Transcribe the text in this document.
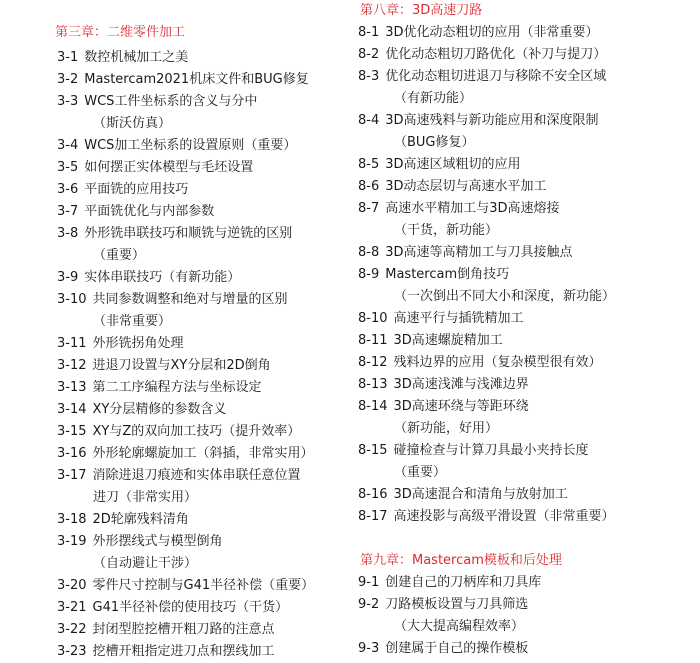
第三章：二维零件加工
3-1 数控机械加工之美
3-2 Mastercam2021机床文件和BUG修复
3-3 WCS工件坐标系的含义与分中
（斯沃仿真）
3-4 WCS加工坐标系的设置原则（重要）
3-5 如何摆正实体模型与毛坯设置
3-6 平面铣的应用技巧
3-7 平面铣优化与内部参数
3-8 外形铣串联技巧和顺铣与逆铣的区别
（重要）
3-9 实体串联技巧（有新功能）
3-10 共同参数调整和绝对与增量的区别
（非常重要）
3-11 外形铣拐角处理
3-12 进退刀设置与XY分层和2D倒角
3-13 第二工序编程方法与坐标设定
3-14 XY分层精修的参数含义
3-15 XY与Z的双向加工技巧（提升效率）
3-16 外形轮廓螺旋加工（斜插，非常实用）
3-17 消除进退刀痕迹和实体串联任意位置
进刀（非常实用）
3-18 2D轮廓残料清角
3-19 外形摆线式与模型倒角
（自动避让干涉）
3-20 零件尺寸控制与G41半径补偿（重要）
3-21 G41半径补偿的使用技巧（干货）
3-22 封闭型腔挖槽开粗刀路的注意点
3-23 挖槽开粗指定进刀点和摆线加工
第八章：3D高速刀路
8-1 3D优化动态粗切的应用（非常重要）
8-2 优化动态粗切刀路优化（补刀与提刀）
8-3 优化动态粗切进退刀与移除不安全区域
（有新功能）
8-4 3D高速残料与新功能应用和深度限制
（BUG修复）
8-5 3D高速区域粗切的应用
8-6 3D动态层切与高速水平加工
8-7 高速水平精加工与3D高速熔接
（干货，新功能）
8-8 3D高速等高精加工与刀具接触点
8-9 Mastercam倒角技巧
（一次倒出不同大小和深度，新功能）
8-10 高速平行与插铣精加工
8-11 3D高速螺旋精加工
8-12 残料边界的应用（复杂模型很有效）
8-13 3D高速浅滩与浅滩边界
8-14 3D高速环绕与等距环绕
（新功能，好用）
8-15 碰撞检查与计算刀具最小夹持长度
（重要）
8-16 3D高速混合和清角与放射加工
8-17 高速投影与高级平滑设置（非常重要）
第九章：Mastercam模板和后处理
9-1 创建自己的刀柄库和刀具库
9-2 刀路模板设置与刀具筛选
（大大提高编程效率）
9-3 创建属于自己的操作模板
